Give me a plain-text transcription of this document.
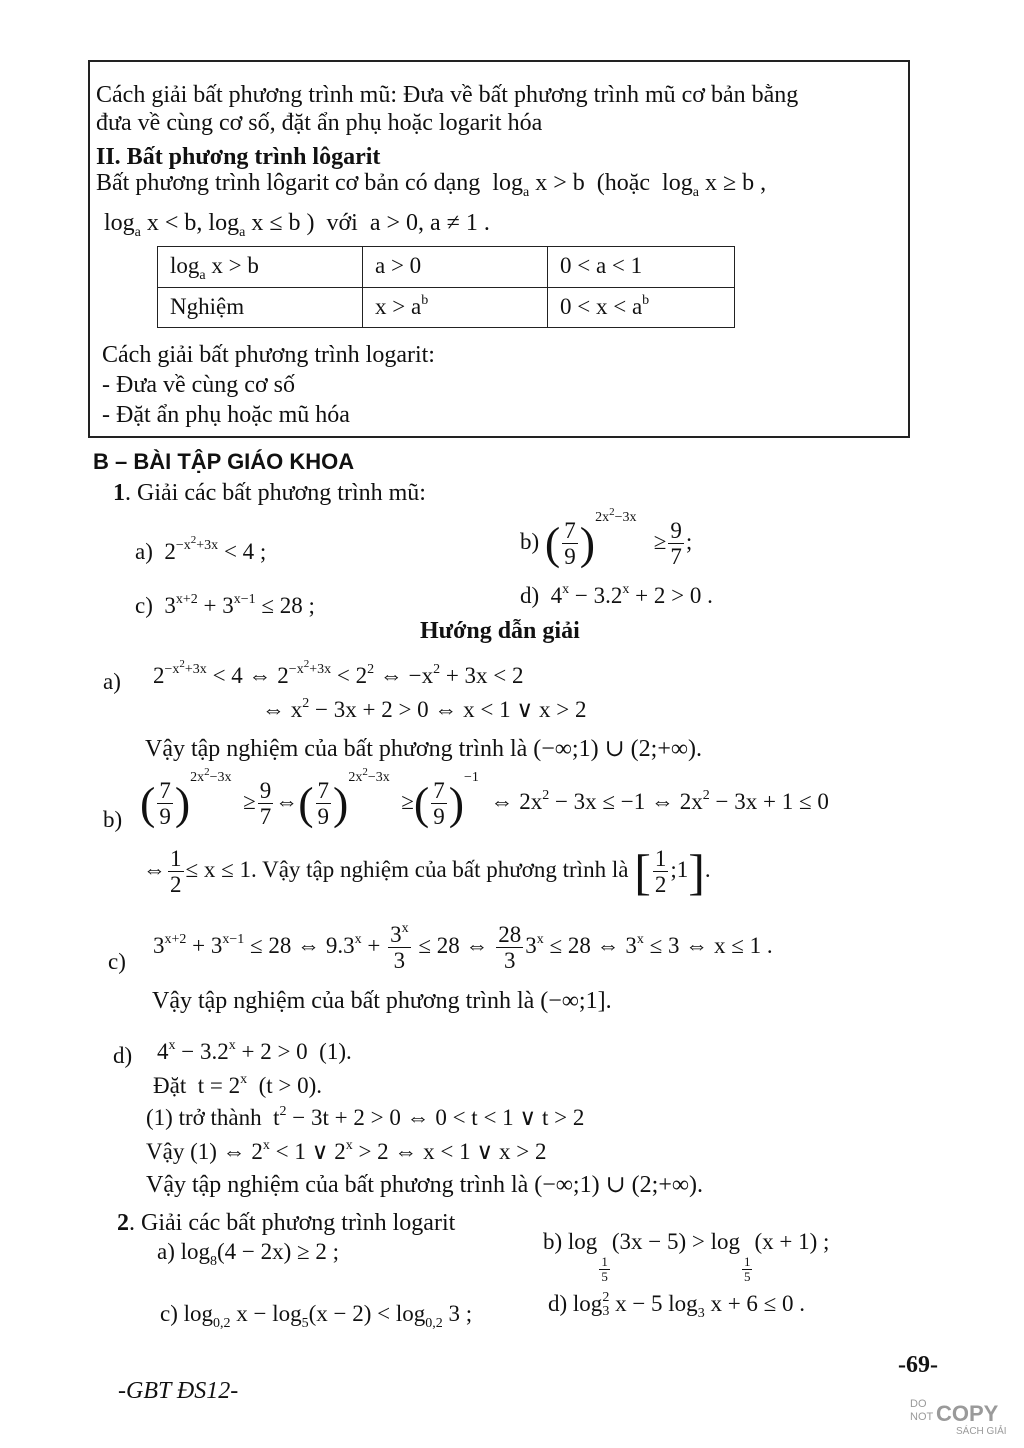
Cách giải bất phương trình mũ: Đưa về bất phương trình mũ cơ bản bằng
đưa về cùng cơ số, đặt ẩn phụ hoặc logarit hóa
II. Bất phương trình lôgarit
Bất phương trình lôgarit cơ bản có dạng  $\log_a x > b$  (hoặc  $\log_a x \ge b$ ,
$\log_a x < b$, $\log_a x \le b$ )  với  a > 0, a ≠ 1 .
$\log_a x > b$	a > 0	0 < a < 1
Nghiệm	$x > a^b$	$0 < x < a^b$
Cách giải bất phương trình logarit:
- Đưa về cùng cơ số
- Đặt ẩn phụ hoặc mũ hóa
B – BÀI TẬP GIÁO KHOA
1. Giải các bất phương trình mũ:
a) $2^{-x^2+3x} < 4$ ;	b) ( $\frac{7}{9} )^{2x^2-3x} \ge \frac{9}{7}$ ;
c) $3^{x+2} + 3^{x-1} \le 28$ ;	d) $4^x - 3.2^x + 2 > 0$ .
Hướng dẫn giải
a) $2^{-x^2+3x} < 4$ ⇔ $2^{-x^2+3x} < 2^2$ ⇔ $-x^2 + 3x < 2$
⇔ $x^2 - 3x + 2 > 0$ ⇔ x < 1 ∨ x > 2
Vậy tập nghiệm của bất phương trình là (−∞;1) ∪ (2;+∞).
b) ( $\frac{7}{9} )^{2x^2-3x} \ge \frac{9}{7}$ ⇔( $\frac{7}{9} )^{2x^2-3x}$  ≥( $\frac{7}{9} )^{-1}$  ⇔ $2x^2 - 3x \le -1$ ⇔ $2x^2 - 3x + 1 \le 0$
⇔ $\frac{1}{2} \le x \le 1$. Vậy tập nghiệm của bất phương trình là [ $\frac{1}{2}$ ;1].
c)
$3^{x+2} + 3^{x-1} \le 28$ ⇔ $9.3^x + \frac{3^x}{3} \le 28$ ⇔ $\frac{28}{3} 3^x \le 28$ ⇔ $3^x \le 3$ ⇔ x ≤ 1 .
Vậy tập nghiệm của bất phương trình là (−∞;1].
d) $4^x - 3.2^x + 2 > 0$  (1).
Đặt  $t = 2^x$  (t > 0).
(1) trở thành  $t^2 - 3t + 2 > 0$ ⇔ 0 < t < 1 ∨ t > 2
Vậy (1) ⇔ $2^x < 1$ ∨ $2^x > 2$ ⇔ x < 1 ∨ x > 2
Vậy tập nghiệm của bất phương trình là (−∞;1) ∪ (2;+∞).
2. Giải các bất phương trình logarit
a) $\log_8(4 - 2x) \ge 2$ ;	b) log
$\frac{1}{5}$
(3x − 5) > log
$\frac{1}{5}$
(x + 1) ;
c) $\log_{0,2} x - \log_5(x - 2) < \log_{0,2} 3$ ;	d) log 2
3 x − 5 $\log_3 x + 6 \le 0$ .
-69-
-GBT ĐS12-	DO
NOT COPY
SÁCH GIẢI
